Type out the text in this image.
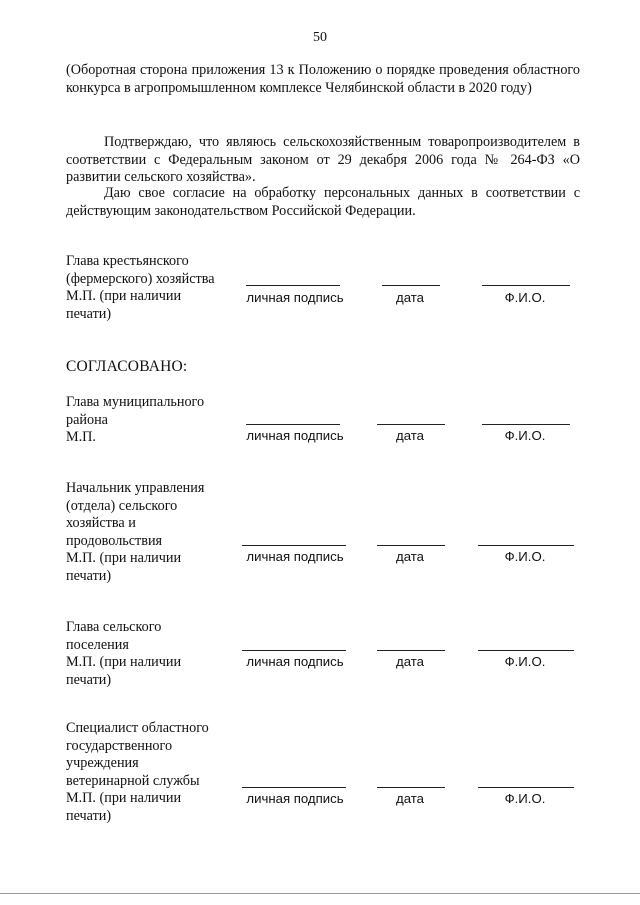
50
(Оборотная сторона приложения 13 к Положению о порядке проведения областного конкурса в агропромышленном комплексе Челябинской области в 2020 году)
Подтверждаю, что являюсь сельскохозяйственным товаропроизводителем в соответствии с Федеральным законом от 29 декабря 2006 года № 264-ФЗ «О развитии сельского хозяйства».
Даю свое согласие на обработку персональных данных в соответствии с действующим законодательством Российской Федерации.
Глава крестьянского
(фермерского) хозяйства
М.П. (при наличии
печати)
личная подпись	дата	Ф.И.О.
СОГЛАСОВАНО:
Глава муниципального
района
М.П.	личная подпись	дата	Ф.И.О.
Начальник управления
(отдела) сельского
хозяйства и
продовольствия
М.П. (при наличии
печати)
личная подпись	дата	Ф.И.О.
Глава сельского
поселения
М.П. (при наличии
печати)
личная подпись	дата	Ф.И.О.
Специалист областного
государственного
учреждения
ветеринарной службы
М.П. (при наличии
печати)
личная подпись	дата	Ф.И.О.
